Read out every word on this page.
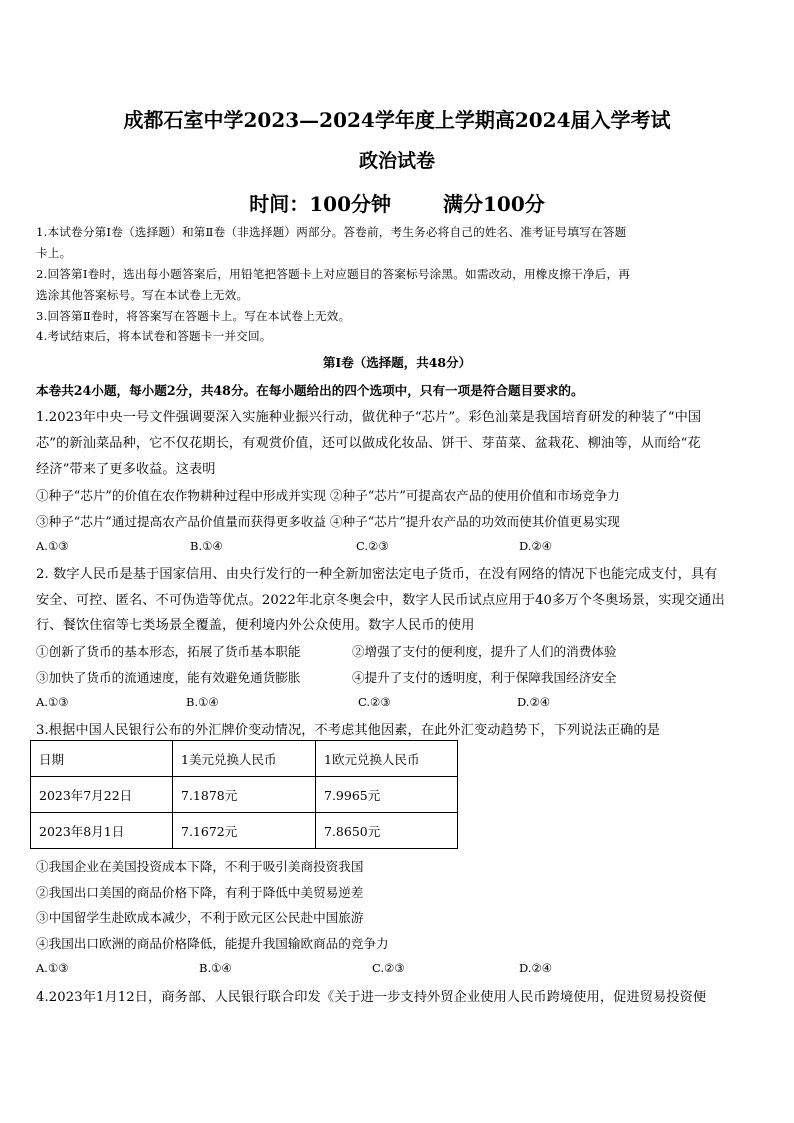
成都石室中学2023—2024学年度上学期高2024届入学考试
政治试卷
时间：100分钟	满分100分
1.本试卷分第Ⅰ卷（选择题）和第Ⅱ卷（非选择题）两部分。答卷前，考生务必将自己的姓名、准考证号填写在答题
卡上。
2.回答第Ⅰ卷时，选出每小题答案后，用铅笔把答题卡上对应题目的答案标号涂黑。如需改动，用橡皮擦干净后，再
选涂其他答案标号。写在本试卷上无效。
3.回答第Ⅱ卷时，将答案写在答题卡上。写在本试卷上无效。
4.考试结束后，将本试卷和答题卡一并交回。
第Ⅰ卷（选择题，共48分）
本卷共24小题，每小题2分，共48分。在每小题给出的四个选项中，只有一项是符合题目要求的。
1.2023年中央一号文件强调要深入实施种业振兴行动，做优种子“芯片”。彩色汕菜是我国培育研发的种装了“中国
芯”的新汕菜品种，它不仅花期长，有观赏价值，还可以做成化妆品、饼干、芽苗菜、盆栽花、柳油等，从而给“花
经济”带来了更多收益。这表明
①种子“芯片”的价值在农作物耕种过程中形成并实现 ②种子“芯片”可提高农产品的使用价值和市场竞争力
③种子“芯片”通过提高农产品价值量而获得更多收益 ④种子“芯片”提升农产品的功效而使其价值更易实现
A.①③	B.①④	C.②③	D.②④
2. 数字人民币是基于国家信用、由央行发行的一种全新加密法定电子货币，在没有网络的情况下也能完成支付，具有
安全、可控、匿名、不可伪造等优点。2022年北京冬奥会中，数字人民币试点应用于40多万个冬奥场景，实现交通出
行、餐饮住宿等七类场景全覆盖，便利境内外公众使用。数字人民币的使用
①创新了货币的基本形态，拓展了货币基本职能	②增强了支付的便利度，提升了人们的消费体验
③加快了货币的流通速度，能有效避免通货膨胀	④提升了支付的透明度，利于保障我国经济安全
A.①③	B.①④	C.②③	D.②④
3.根据中国人民银行公布的外汇牌价变动情况，不考虑其他因素，在此外汇变动趋势下，下列说法正确的是
日期	1美元兑换人民币	1欧元兑换人民币
2023年7月22日	7.1878元	7.9965元
2023年8月1日	7.1672元	7.8650元
①我国企业在美国投资成本下降，不利于吸引美商投资我国
②我国出口美国的商品价格下降，有利于降低中美贸易逆差
③中国留学生赴欧成本减少，不利于欧元区公民赴中国旅游
④我国出口欧洲的商品价格降低，能提升我国输欧商品的竞争力
A.①③	B.①④	C.②③	D.②④
4.2023年1月12日，商务部、人民银行联合印发《关于进一步支持外贸企业使用人民币跨境使用，促进贸易投资便
